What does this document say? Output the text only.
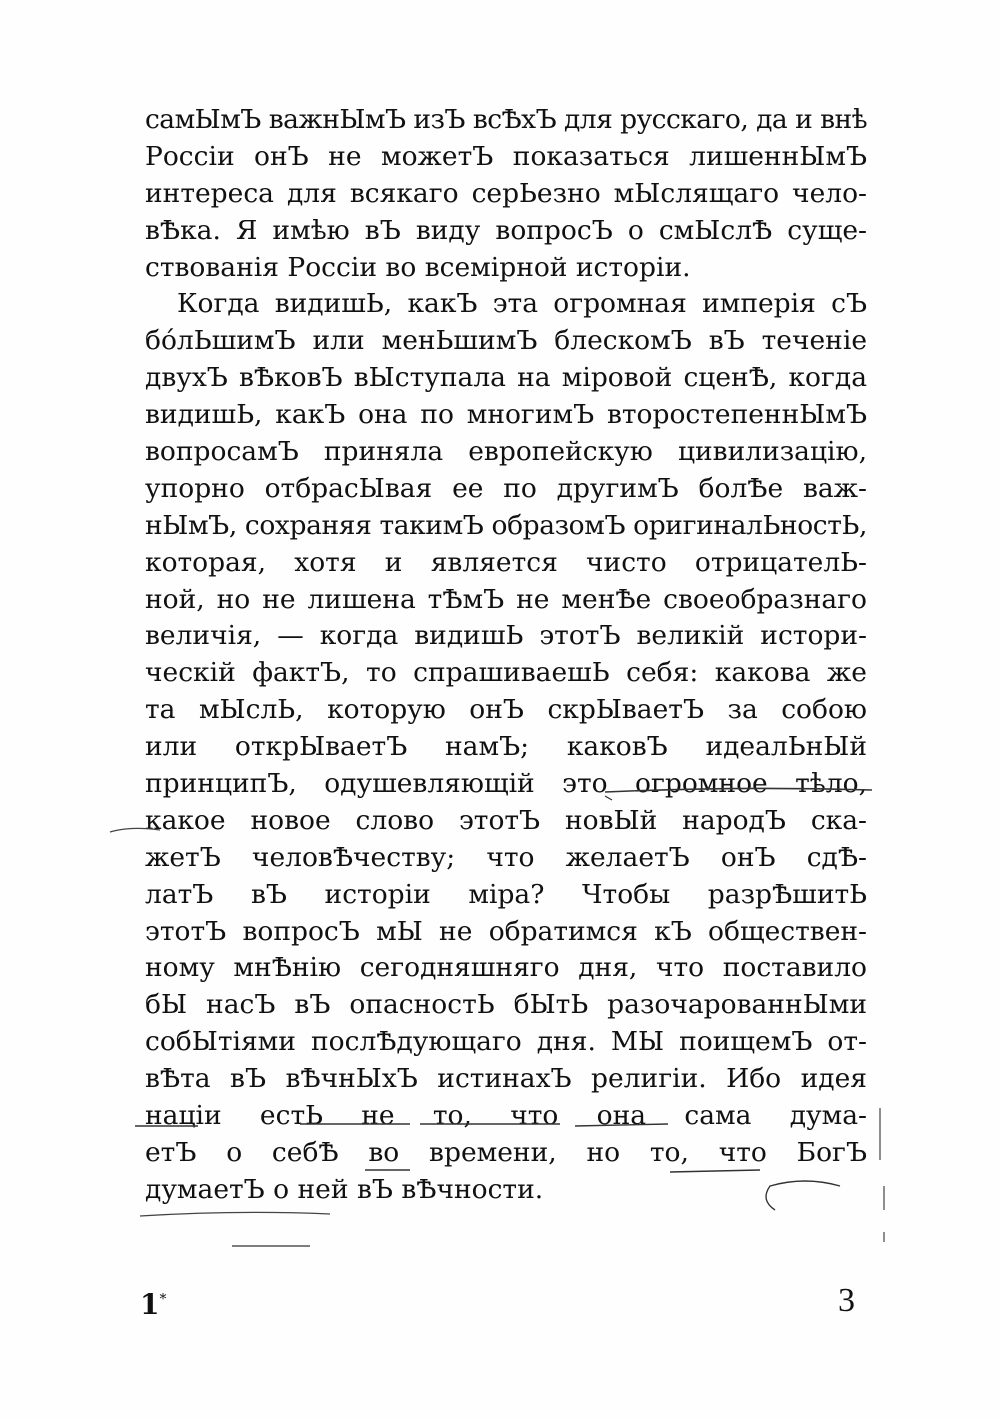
самЫмЪ важнЫмЪ изЪ всѢхЪ для русскаго, да и внѣ
Россіи онЪ не можетЪ показаться лишеннЫмЪ
интереса для всякаго серЬезно мЫслящаго чело-
вѢка. Я имѣю вЪ виду вопросЪ о смЫслѢ суще-
ствованія Россіи во всемірной исторіи.
Когда видишЬ, какЪ эта огромная имперія сЪ
бóлЬшимЪ или менЬшимЪ блескомЪ вЪ теченіе
двухЪ вѢковЪ вЫступала на міровой сценѢ, когда
видишЬ, какЪ она по многимЪ второстепеннЫмЪ
вопросамЪ приняла европейскую цивилизацію,
упорно отбрасЫвая ее по другимЪ болѢе важ-
нЫмЪ, сохраняя такимЪ образомЪ оригиналЬностЬ,
которая, хотя и является чисто отрицателЬ-
ной, но не лишена тѢмЪ не менѢе своеобразнаго
величія, — когда видишЬ этотЪ великій истори-
ческій фактЪ, то спрашиваешЬ себя: какова же
та мЫслЬ, которую онЪ скрЫваетЪ за собою
или открЫваетЪ намЪ; каковЪ идеалЬнЫй
принципЪ, одушевляющій это огромное тѣло,
какое новое слово этотЪ новЫй народЪ ска-
жетЪ человѢчеству; что желаетЪ онЪ сдѢ-
латЪ вЪ исторіи міра? Чтобы разрѢшитЬ
этотЪ вопросЪ мЫ не обратимся кЪ обществен-
ному мнѢнію сегодняшняго дня, что поставило
бЫ насЪ вЪ опасностЬ бЫтЬ разочарованнЫми
собЫтіями послѢдующаго дня. МЫ поищемЪ от-
вѢта вЪ вѢчнЫхЪ истинахЪ религіи. Ибо идея
націи естЬ не то, что она сама дума-
етЪ о себѢ во времени, но то, что БогЪ
думаетЪ о ней вЪ вѢчности.
1*	3
